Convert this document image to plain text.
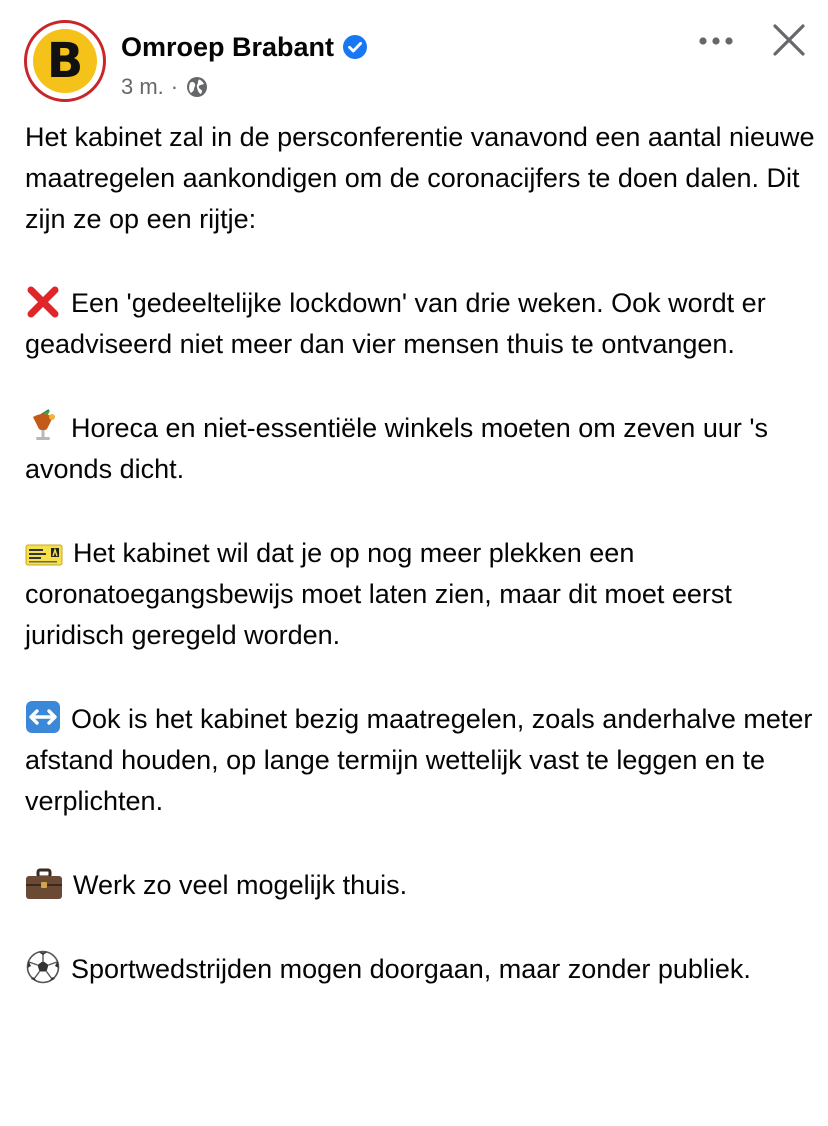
B Omroep Brabant
3 m. ·

Het kabinet zal in de persconferentie vanavond een aantal nieuwe maatregelen aankondigen om de coronacijfers te doen dalen. Dit zijn ze op een rijtje:

Een 'gedeeltelijke lockdown' van drie weken. Ook wordt er geadviseerd niet meer dan vier mensen thuis te ontvangen.

Horeca en niet-essentiële winkels moeten om zeven uur 's avonds dicht.

Het kabinet wil dat je op nog meer plekken een coronatoegangsbewijs moet laten zien, maar dit moet eerst juridisch geregeld worden.

Ook is het kabinet bezig maatregelen, zoals anderhalve meter afstand houden, op lange termijn wettelijk vast te leggen en te verplichten.

Werk zo veel mogelijk thuis.

Sportwedstrijden mogen doorgaan, maar zonder publiek.
